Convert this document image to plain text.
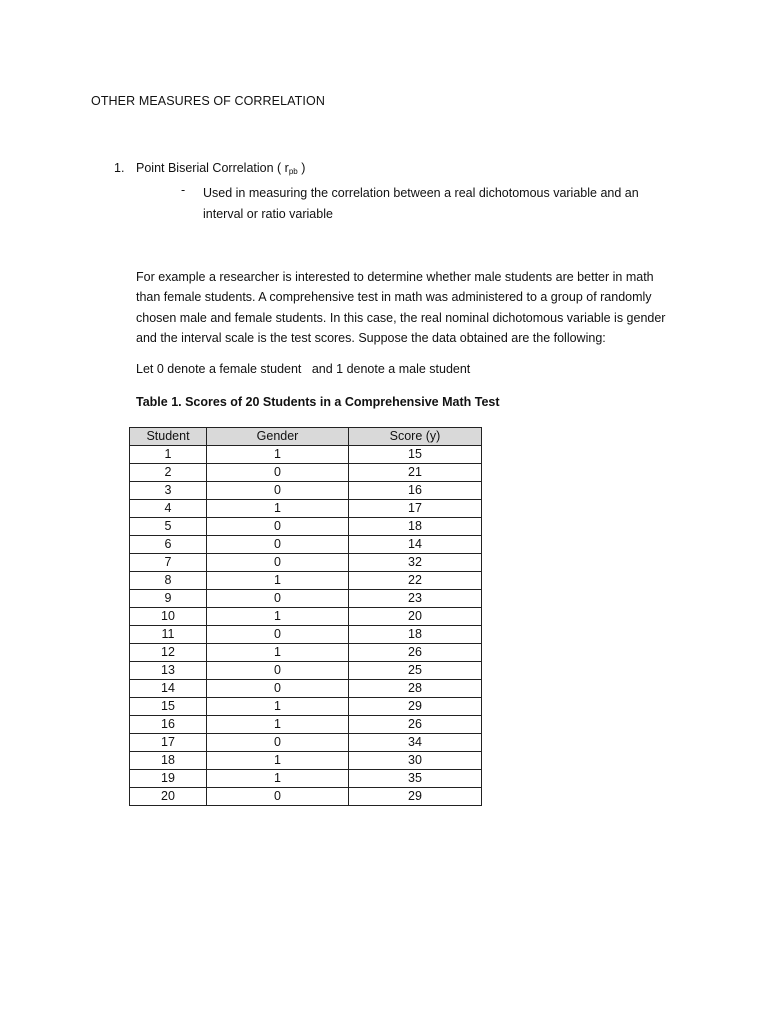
OTHER MEASURES OF CORRELATION
1. Point Biserial Correlation ( $r_{pb}$ )
- Used in measuring the correlation between a real dichotomous variable and an interval or ratio variable
For example a researcher is interested to determine whether male students are better in math than female students. A comprehensive test in math was administered to a group of randomly chosen male and female students. In this case, the real nominal dichotomous variable is gender and the interval scale is the test scores. Suppose the data obtained are the following:
Let 0 denote a female student   and 1 denote a male student
Table 1. Scores of 20 Students in a Comprehensive Math Test
Student	Gender	Score (y)
1	1	15
2	0	21
3	0	16
4	1	17
5	0	18
6	0	14
7	0	32
8	1	22
9	0	23
10	1	20
11	0	18
12	1	26
13	0	25
14	0	28
15	1	29
16	1	26
17	0	34
18	1	30
19	1	35
20	0	29
